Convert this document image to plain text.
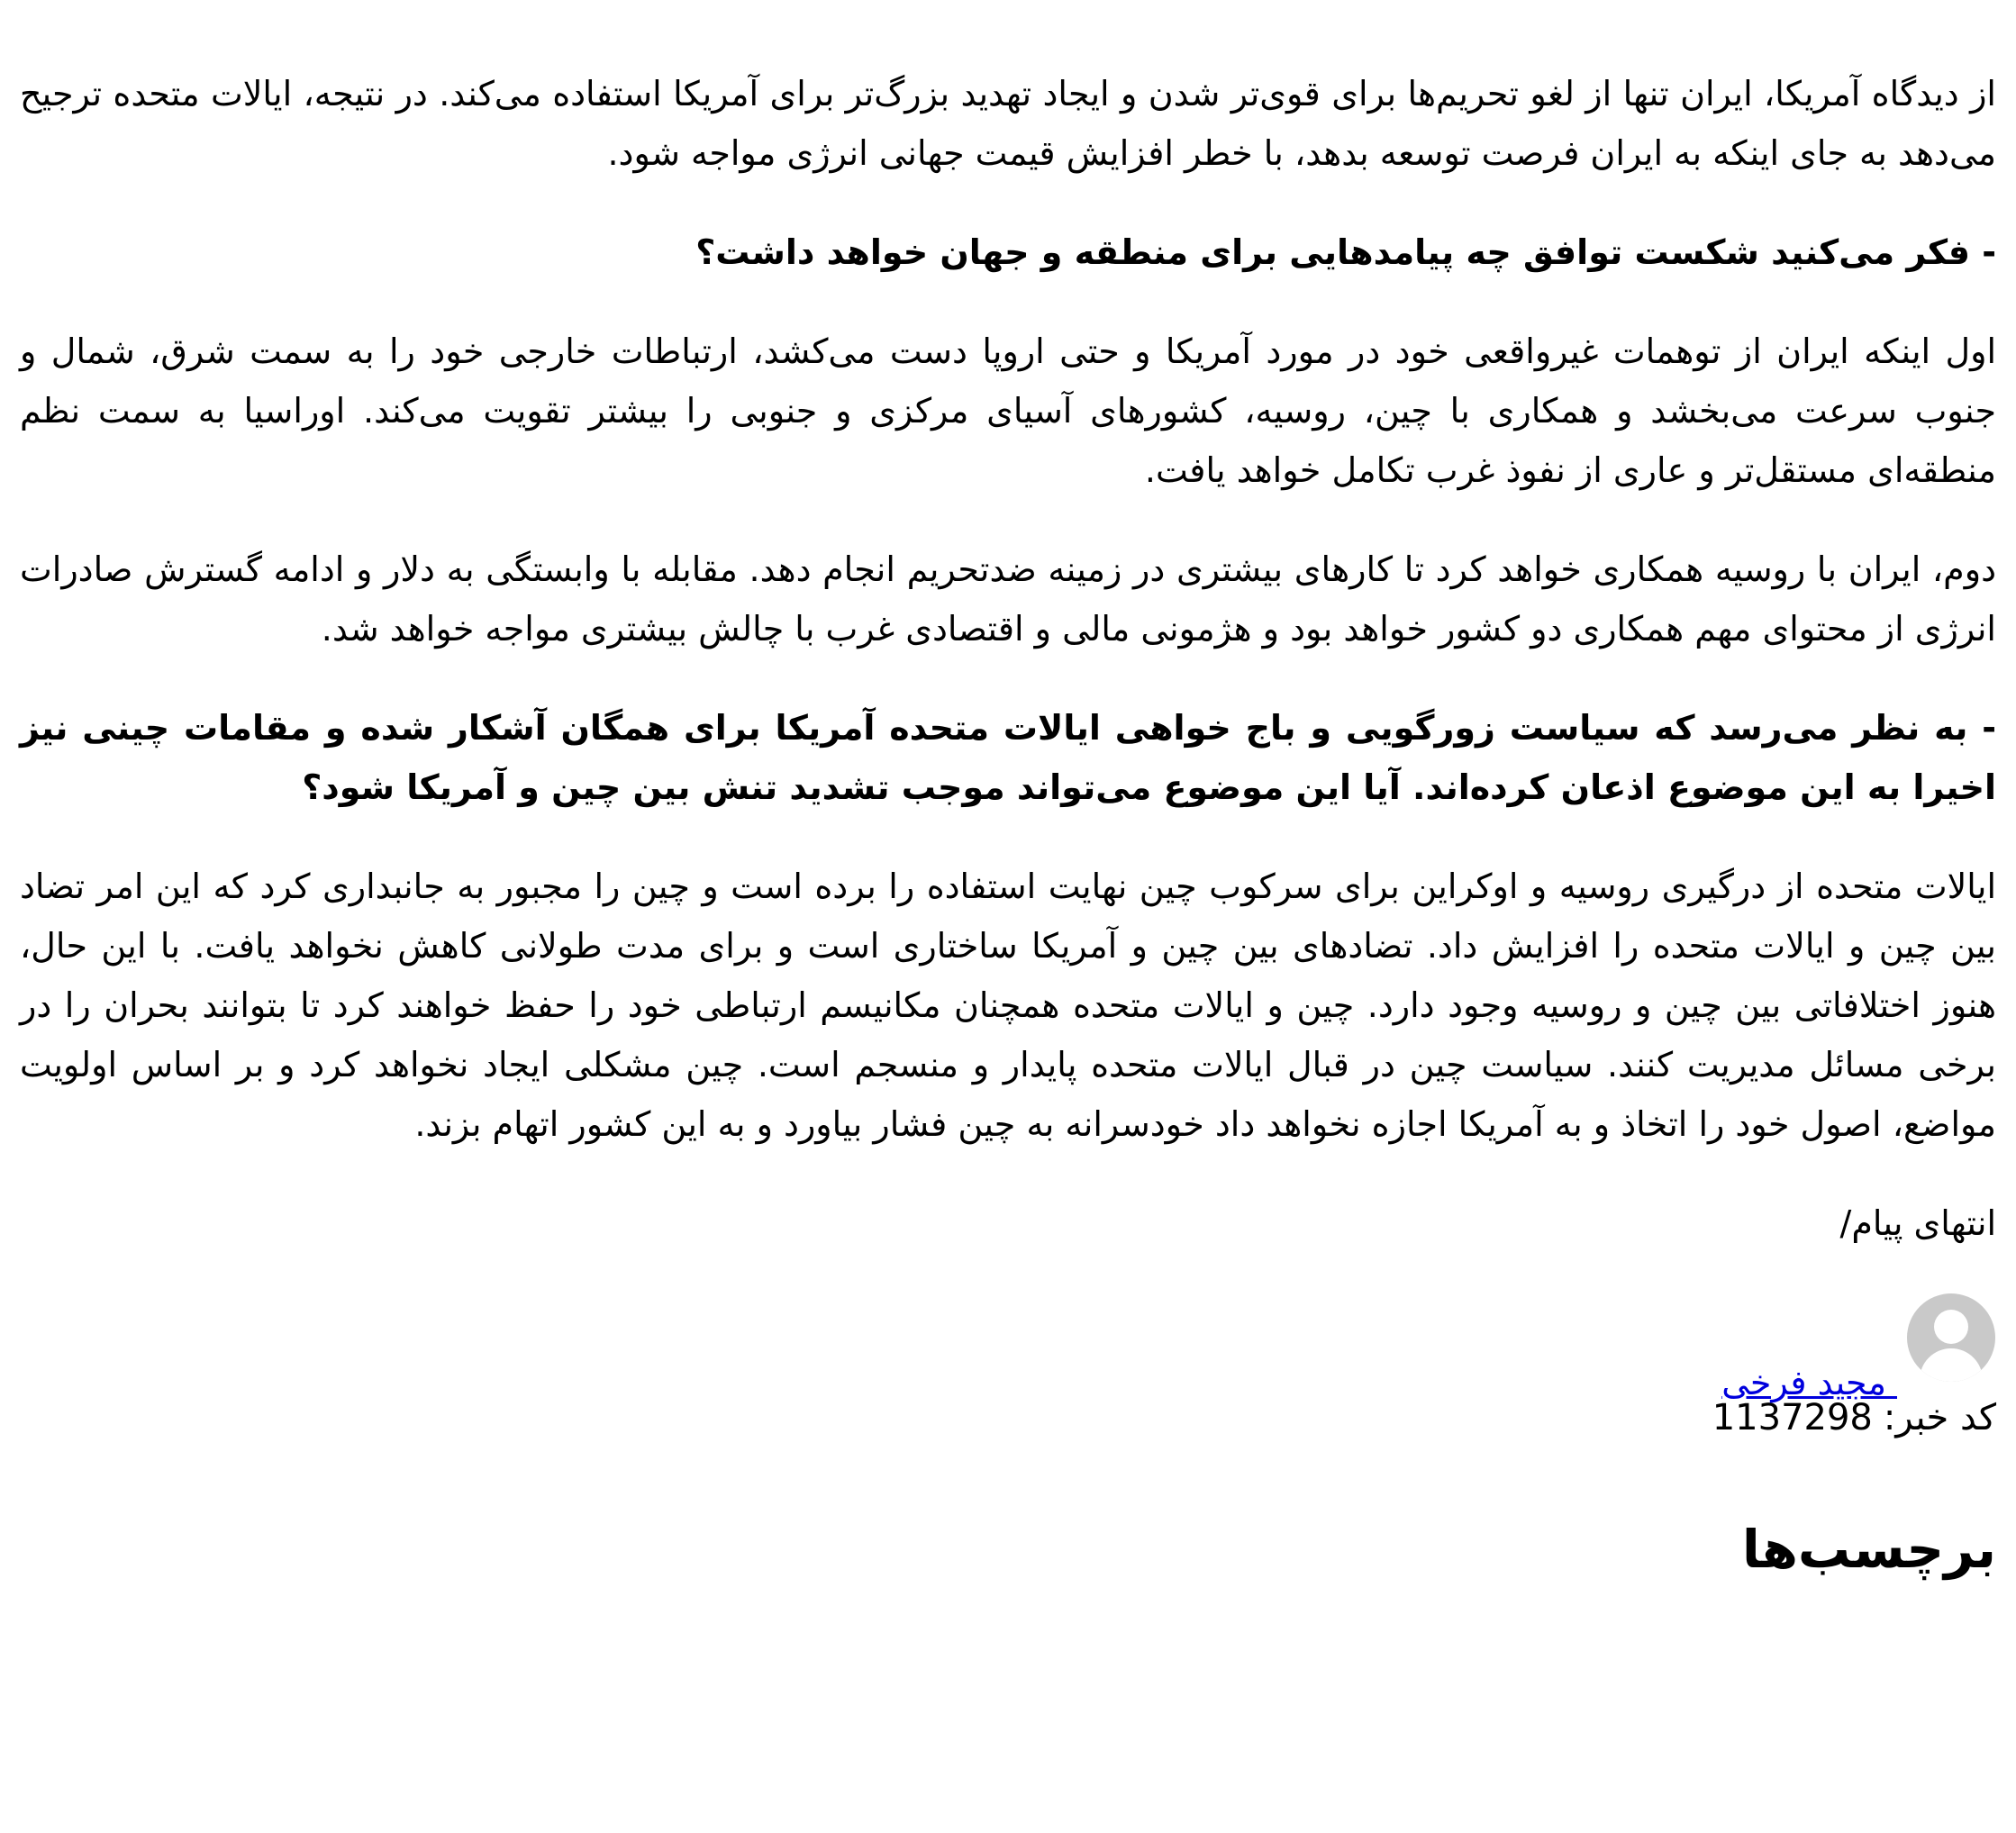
از دیدگاه آمریکا، ایران تنها از لغو تحریم‌ها برای قوی‌تر شدن و ایجاد تهدید بزرگ‌تر برای آمریکا استفاده می‌کند. در نتیجه، ایالات متحده ترجیح می‌دهد به جای اینکه به ایران فرصت توسعه بدهد، با خطر افزایش قیمت جهانی انرژی مواجه شود.

- فکر می‌کنید شکست توافق چه پیامدهایی برای منطقه و جهان خواهد داشت؟

اول اینکه ایران از توهمات غیرواقعی خود در مورد آمریکا و حتی اروپا دست می‌کشد، ارتباطات خارجی خود را به سمت شرق، شمال و جنوب سرعت می‌بخشد و همکاری با چین، روسیه، کشورهای آسیای مرکزی و جنوبی را بیشتر تقویت می‌کند. اوراسیا به سمت نظم منطقه‌ای مستقل‌تر و عاری از نفوذ غرب تکامل خواهد یافت.

دوم، ایران با روسیه همکاری خواهد کرد تا کارهای بیشتری در زمینه ضدتحریم انجام دهد. مقابله با وابستگی به دلار و ادامه گسترش صادرات انرژی از محتوای مهم همکاری دو کشور خواهد بود و هژمونی مالی و اقتصادی غرب با چالش بیشتری مواجه خواهد شد.

- به نظر می‌رسد که سیاست زورگویی و باج خواهی ایالات متحده آمریکا برای همگان آشکار شده و مقامات چینی نیز اخیرا به این موضوع اذعان کرده‌اند. آیا این موضوع می‌تواند موجب تشدید تنش بین چین و آمریکا شود؟

ایالات متحده از درگیری روسیه و اوکراین برای سرکوب چین نهایت استفاده را برده است و چین را مجبور به جانبداری کرد که این امر تضاد بین چین و ایالات متحده را افزایش داد. تضادهای بین چین و آمریکا ساختاری است و برای مدت طولانی کاهش نخواهد یافت. با این حال، هنوز اختلافاتی بین چین و روسیه وجود دارد. چین و ایالات متحده همچنان مکانیسم ارتباطی خود را حفظ خواهند کرد تا بتوانند بحران را در برخی مسائل مدیریت کنند. سیاست چین در قبال ایالات متحده پایدار و منسجم است. چین مشکلی ایجاد نخواهد کرد و بر اساس اولویت مواضع، اصول خود را اتخاذ و به آمریکا اجازه نخواهد داد خودسرانه به چین فشار بیاورد و به این کشور اتهام بزند.

انتهای پیام/

مجید فرخی
کد خبر:
1137298
برچسب‌ها
